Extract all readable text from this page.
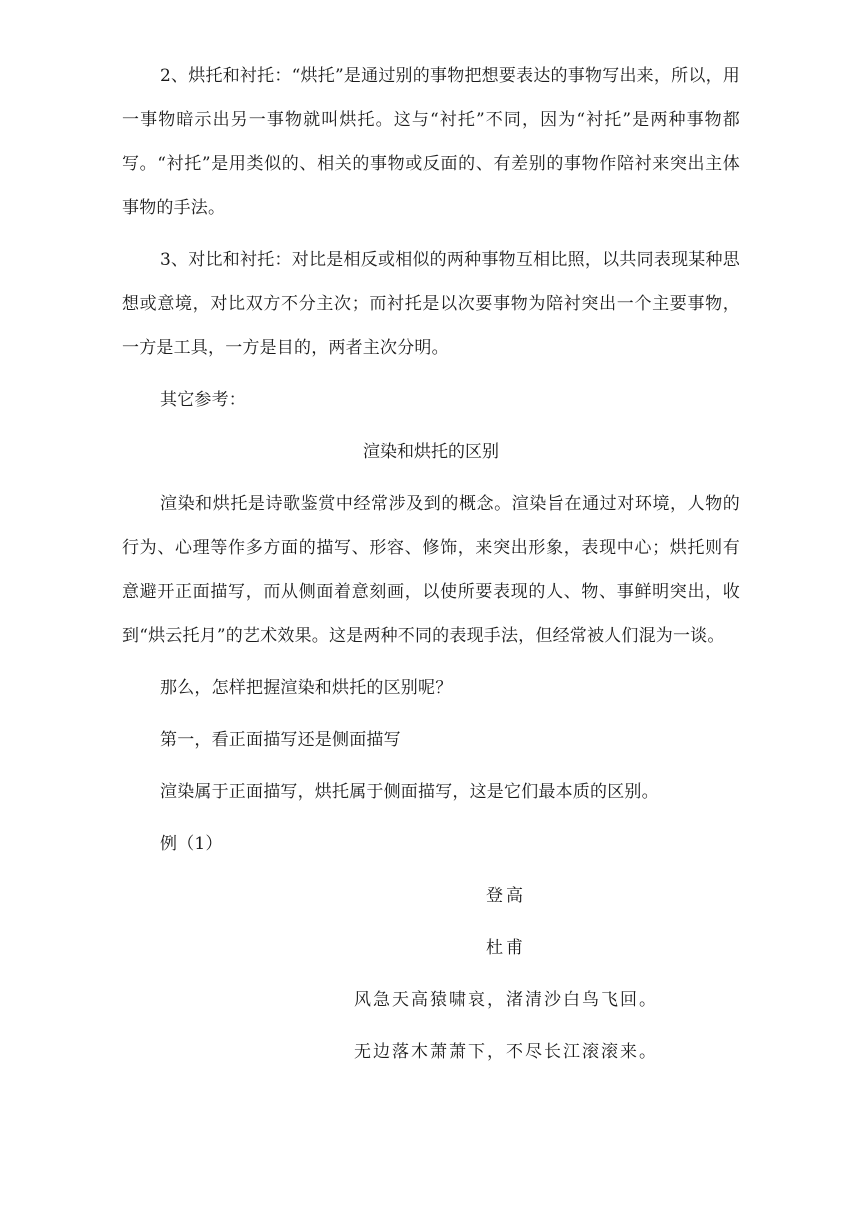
2、烘托和衬托：“烘托”是通过别的事物把想要表达的事物写出来，所以，用一事物暗示出另一事物就叫烘托。这与“衬托”不同，因为“衬托”是两种事物都写。“衬托”是用类似的、相关的事物或反面的、有差别的事物作陪衬来突出主体事物的手法。

3、对比和衬托：对比是相反或相似的两种事物互相比照，以共同表现某种思想或意境，对比双方不分主次；而衬托是以次要事物为陪衬突出一个主要事物，一方是工具，一方是目的，两者主次分明。

其它参考：

渲染和烘托的区别

渲染和烘托是诗歌鉴赏中经常涉及到的概念。渲染旨在通过对环境，人物的行为、心理等作多方面的描写、形容、修饰，来突出形象，表现中心；烘托则有意避开正面描写，而从侧面着意刻画，以使所要表现的人、物、事鲜明突出，收到“烘云托月”的艺术效果。这是两种不同的表现手法，但经常被人们混为一谈。

那么，怎样把握渲染和烘托的区别呢？

第一，看正面描写还是侧面描写

渲染属于正面描写，烘托属于侧面描写，这是它们最本质的区别。

例（1）

登高

杜甫

风急天高猿啸哀，渚清沙白鸟飞回。

无边落木萧萧下，不尽长江滚滚来。
